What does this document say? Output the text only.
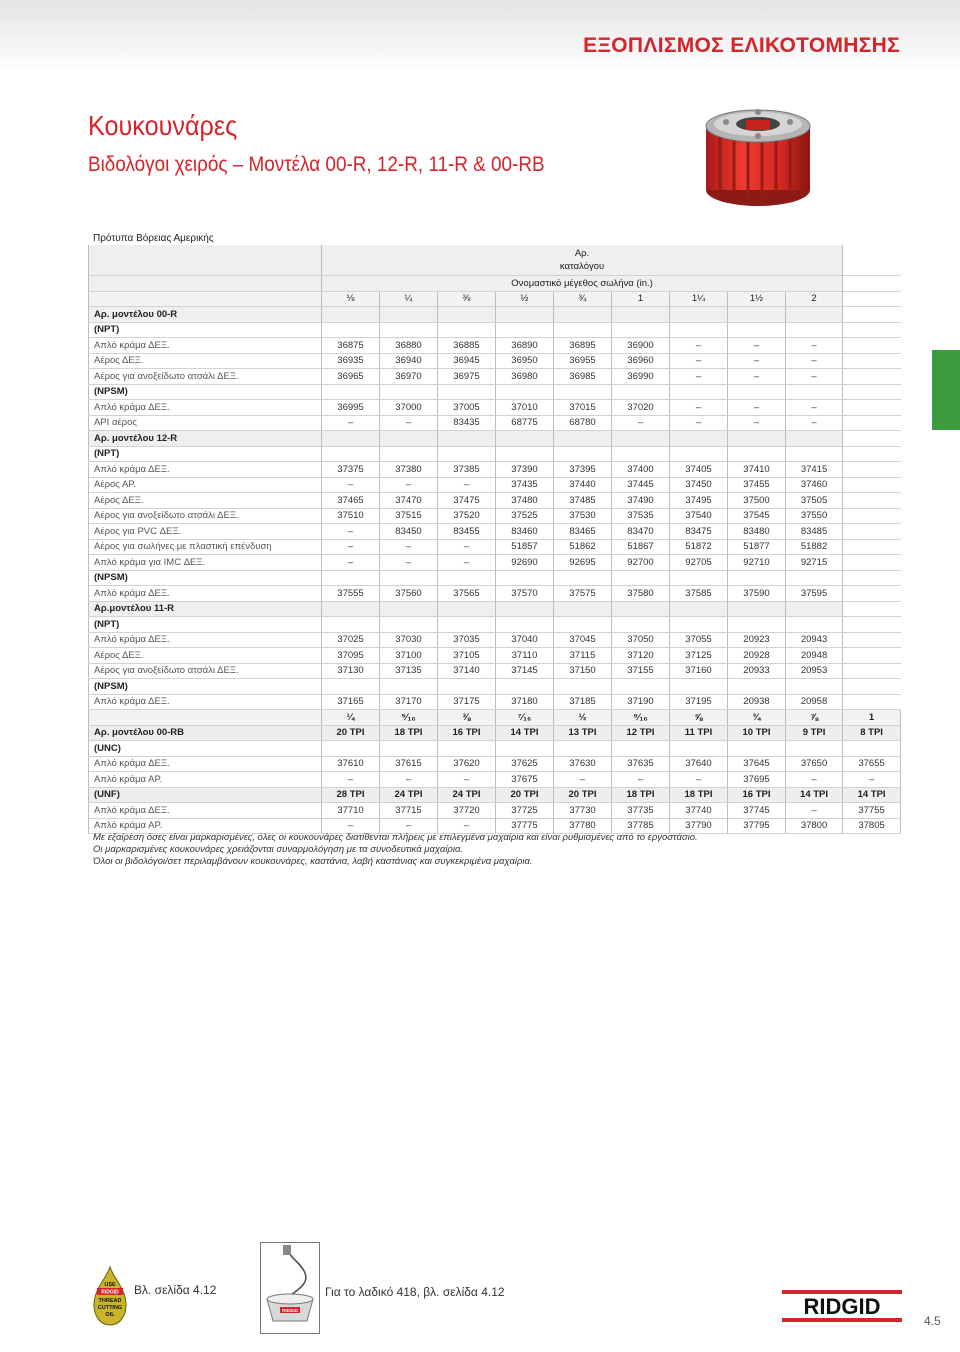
ΕΞΟΠΛΙΣΜΟΣ ΕΛΙΚΟΤΟΜΗΣΗΣ
Κουκουνάρες
Βιδολόγοι χειρός – Μοντέλα 00-R, 12-R, 11-R & 00-RB
Πρότυπα Βόρειας Αμερικής

	Αρ.
καταλόγου									

	Ονομαστικό μέγεθος σωλήνα (in.)									
	⅛	¼	⅜	½	¾	1	1¼	1½	2	
Αρ. μοντέλου 00-R										
(NPT)										
Απλό κράμα ΔΕΞ.	36875	36880	36885	36890	36895	36900	–	–	–	
Αέρος ΔΕΞ.	36935	36940	36945	36950	36955	36960	–	–	–	
Αέρος για ανοξείδωτο ατσάλι ΔΕΞ.	36965	36970	36975	36980	36985	36990	–	–	–	
(NPSM)										
Απλό κράμα ΔΕΞ.	36995	37000	37005	37010	37015	37020	–	–	–	
API αέρος	–	–	83435	68775	68780	–	–	–	–	
Αρ. μοντέλου 12-R										
(NPT)										
Απλό κράμα ΔΕΞ.	37375	37380	37385	37390	37395	37400	37405	37410	37415	
Αέρος ΑΡ.	–	–	–	37435	37440	37445	37450	37455	37460	
Αέρος ΔΕΞ.	37465	37470	37475	37480	37485	37490	37495	37500	37505	
Αέρος για ανοξείδωτο ατσάλι ΔΕΞ.	37510	37515	37520	37525	37530	37535	37540	37545	37550	
Αέρος για PVC ΔΕΞ.	–	83450	83455	83460	83465	83470	83475	83480	83485	
Αέρος για σωλήνες με πλαστική επένδυση	–	–	–	51857	51862	51867	51872	51877	51882	
Απλό κράμα για IMC ΔΕΞ.	–	–	–	92690	92695	92700	92705	92710	92715	
(NPSM)										
Απλό κράμα ΔΕΞ.	37555	37560	37565	37570	37575	37580	37585	37590	37595	
Αρ.μοντέλου 11-R										
(NPT)										
Απλό κράμα ΔΕΞ.	37025	37030	37035	37040	37045	37050	37055	20923	20943	
Αέρος ΔΕΞ.	37095	37100	37105	37110	37115	37120	37125	20928	20948	
Αέρος για ανοξείδωτο ατσάλι ΔΕΞ.	37130	37135	37140	37145	37150	37155	37160	20933	20953	
(NPSM)										
Απλό κράμα ΔΕΞ.	37165	37170	37175	37180	37185	37190	37195	20938	20958	
	¼	⁵⁄₁₆	⅜	⁷⁄₁₆	½	⁹⁄₁₆	⅝	¾	⅞	1
Αρ. μοντέλου 00-RB	20 TPI	18 TPI	16 TPI	14 TPI	13 TPI	12 TPI	11 TPI	10 TPI	9 TPI	8 TPI
(UNC)										
Απλό κράμα ΔΕΞ.	37610	37615	37620	37625	37630	37635	37640	37645	37650	37655
Απλό κράμα ΑΡ.	–	–	–	37675	–	–	–	37695	–	–
(UNF)	28 TPI	24 TPI	24 TPI	20 TPI	20 TPI	18 TPI	18 TPI	16 TPI	14 TPI	14 TPI
Απλό κράμα ΔΕΞ.	37710	37715	37720	37725	37730	37735	37740	37745	–	37755
Απλό κράμα ΑΡ.	–	–	–	37775	37780	37785	37790	37795	37800	37805
Με εξαίρεση όσες είναι μαρκαρισμένες, όλες οι κουκουνάρες διατίθενται πλήρεις με επιλεγμένα μαχαίρια και είναι ρυθμισμένες από το εργοστάσιο.
Οι μαρκαρισμένες κουκουνάρες χρειάζονται συναρμολόγηση με τα συνοδευτικά μαχαίρια.
Όλοι οι βιδολόγοι/σετ περιλαμβάνουν κουκουνάρες, καστάνια, λαβή καστάνιας και συγκεκριμένα μαχαίρια.
USE
RIDGID
THREAD
CUTTING
OIL
Βλ. σελίδα 4.12
RIDGID
Για το λαδικό 418, βλ. σελίδα 4.12
RIDGID
4.5
